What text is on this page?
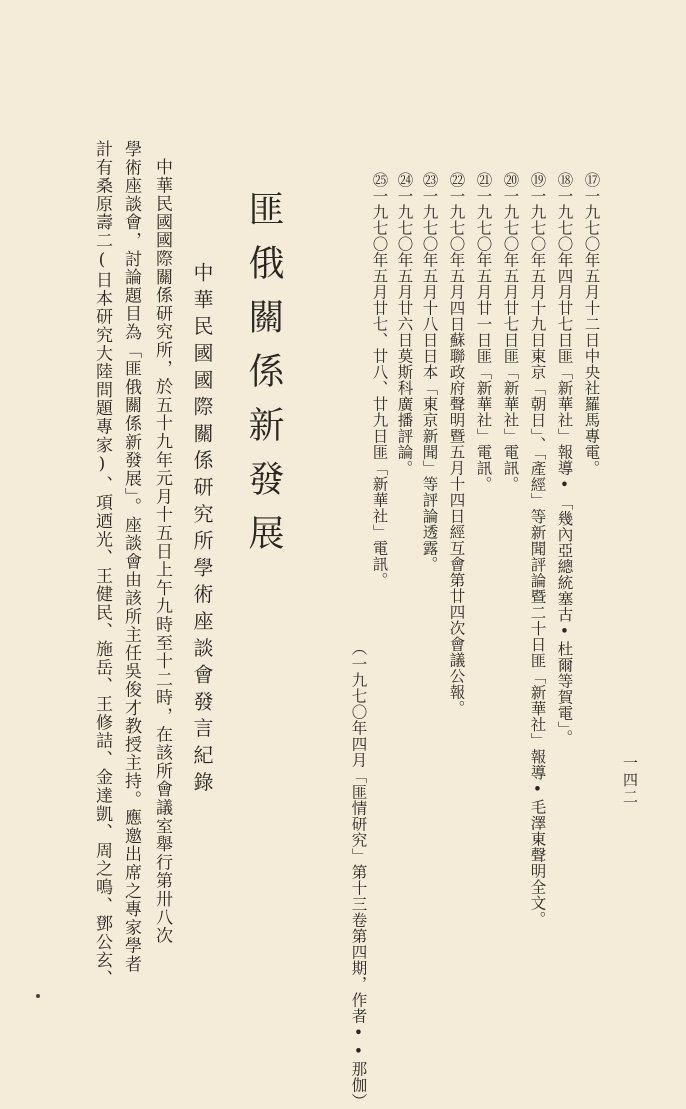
一四二
⑰一九七〇年五月十二日中央社羅馬專電。
⑱一九七〇年四月廿七日匪「新華社」報導•「幾內亞總統塞古•杜爾等賀電」。
⑲一九七〇年五月十九日東京「朝日」、「產經」等新聞評論暨二十日匪「新華社」報導•毛澤東聲明全文。
⑳一九七〇年五月廿七日匪「新華社」電訊。
㉑一九七〇年五月廿一日匪「新華社」電訊。
㉒一九七〇年五月四日蘇聯政府聲明暨五月十四日經互會第廿四次會議公報。
㉓一九七〇年五月十八日日本「東京新聞」等評論透露。
㉔一九七〇年五月廿六日莫斯科廣播評論。
㉕一九七〇年五月廿七、廿八、廿九日匪「新華社」電訊。
（一九七〇年四月「匪情研究」第十三卷第四期，作者••那伽）
匪俄關係新發展
中華民國國際關係研究所學術座談會發言紀錄
中華民國國際關係研究所，於五十九年元月十五日上午九時至十二時，在該所會議室舉行第卅八次
學術座談會，討論題目為「匪俄關係新發展」。座談會由該所主任吳俊才教授主持。應邀出席之專家學者
計有桑原壽二(日本研究大陸問題專家)、項迺光、王健民、施岳、王修詰、金達凱、周之鳴、鄧公玄、
